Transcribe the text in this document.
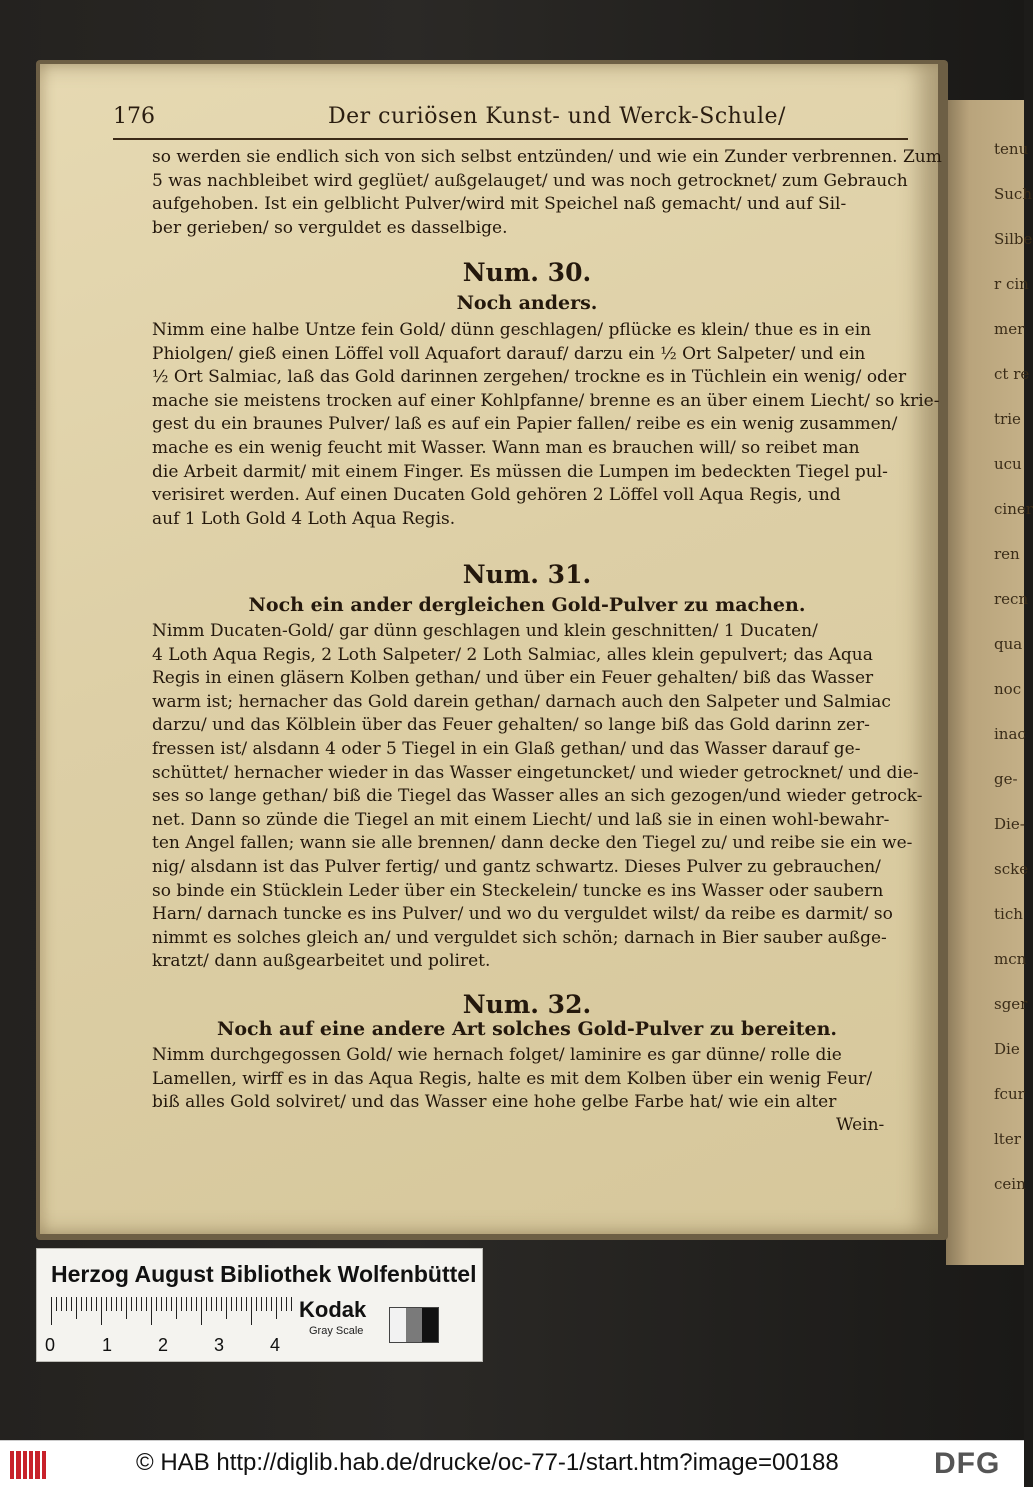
tenu
Such
Silbe
r cin
mer
ct re
trie
ucu
ciner
ren
recn
qua
noc
inac
ge-
Die-
scke
tich
mcn
sger
Die
fcur
lter
cein
176	Der curiösen Kunst- und Werck-Schule/
so werden sie endlich sich von sich selbst entzünden/ und wie ein Zunder verbrennen. Zum
5 was nachbleibet wird geglüet/ außgelauget/ und was noch getrocknet/ zum Gebrauch
aufgehoben. Ist ein gelblicht Pulver/wird mit Speichel naß gemacht/ und auf Sil-
ber gerieben/ so verguldet es dasselbige.
Num. 30.
Noch anders.
Nimm eine halbe Untze fein Gold/ dünn geschlagen/ pflücke es klein/ thue es in ein
Phiolgen/ gieß einen Löffel voll Aquafort darauf/ darzu ein ½ Ort Salpeter/ und ein
½ Ort Salmiac, laß das Gold darinnen zergehen/ trockne es in Tüchlein ein wenig/ oder
mache sie meistens trocken auf einer Kohlpfanne/ brenne es an über einem Liecht/ so krie-
gest du ein braunes Pulver/ laß es auf ein Papier fallen/ reibe es ein wenig zusammen/
mache es ein wenig feucht mit Wasser. Wann man es brauchen will/ so reibet man
die Arbeit darmit/ mit einem Finger. Es müssen die Lumpen im bedeckten Tiegel pul-
verisiret werden. Auf einen Ducaten Gold gehören 2 Löffel voll Aqua Regis, und
auf 1 Loth Gold 4 Loth Aqua Regis.
Num. 31.
Noch ein ander dergleichen Gold-Pulver zu machen.
Nimm Ducaten-Gold/ gar dünn geschlagen und klein geschnitten/ 1 Ducaten/
4 Loth Aqua Regis, 2 Loth Salpeter/ 2 Loth Salmiac, alles klein gepulvert; das Aqua
Regis in einen gläsern Kolben gethan/ und über ein Feuer gehalten/ biß das Wasser
warm ist; hernacher das Gold darein gethan/ darnach auch den Salpeter und Salmiac
darzu/ und das Kölblein über das Feuer gehalten/ so lange biß das Gold darinn zer-
fressen ist/ alsdann 4 oder 5 Tiegel in ein Glaß gethan/ und das Wasser darauf ge-
schüttet/ hernacher wieder in das Wasser eingetuncket/ und wieder getrocknet/ und die-
ses so lange gethan/ biß die Tiegel das Wasser alles an sich gezogen/und wieder getrock-
net. Dann so zünde die Tiegel an mit einem Liecht/ und laß sie in einen wohl-bewahr-
ten Angel fallen; wann sie alle brennen/ dann decke den Tiegel zu/ und reibe sie ein we-
nig/ alsdann ist das Pulver fertig/ und gantz schwartz. Dieses Pulver zu gebrauchen/
so binde ein Stücklein Leder über ein Steckelein/ tuncke es ins Wasser oder saubern
Harn/ darnach tuncke es ins Pulver/ und wo du verguldet wilst/ da reibe es darmit/ so
nimmt es solches gleich an/ und verguldet sich schön; darnach in Bier sauber außge-
kratzt/ dann außgearbeitet und poliret.
Num. 32.
Noch auf eine andere Art solches Gold-Pulver zu bereiten.
Nimm durchgegossen Gold/ wie hernach folget/ laminire es gar dünne/ rolle die
Lamellen, wirff es in das Aqua Regis, halte es mit dem Kolben über ein wenig Feur/
biß alles Gold solviret/ und das Wasser eine hohe gelbe Farbe hat/ wie ein alter
Wein-
Herzog August Bibliothek Wolfenbüttel
0	1	2	3	4
Kodak
Gray Scale
© HAB http://diglib.hab.de/drucke/oc-77-1/start.htm?image=00188	DFG
